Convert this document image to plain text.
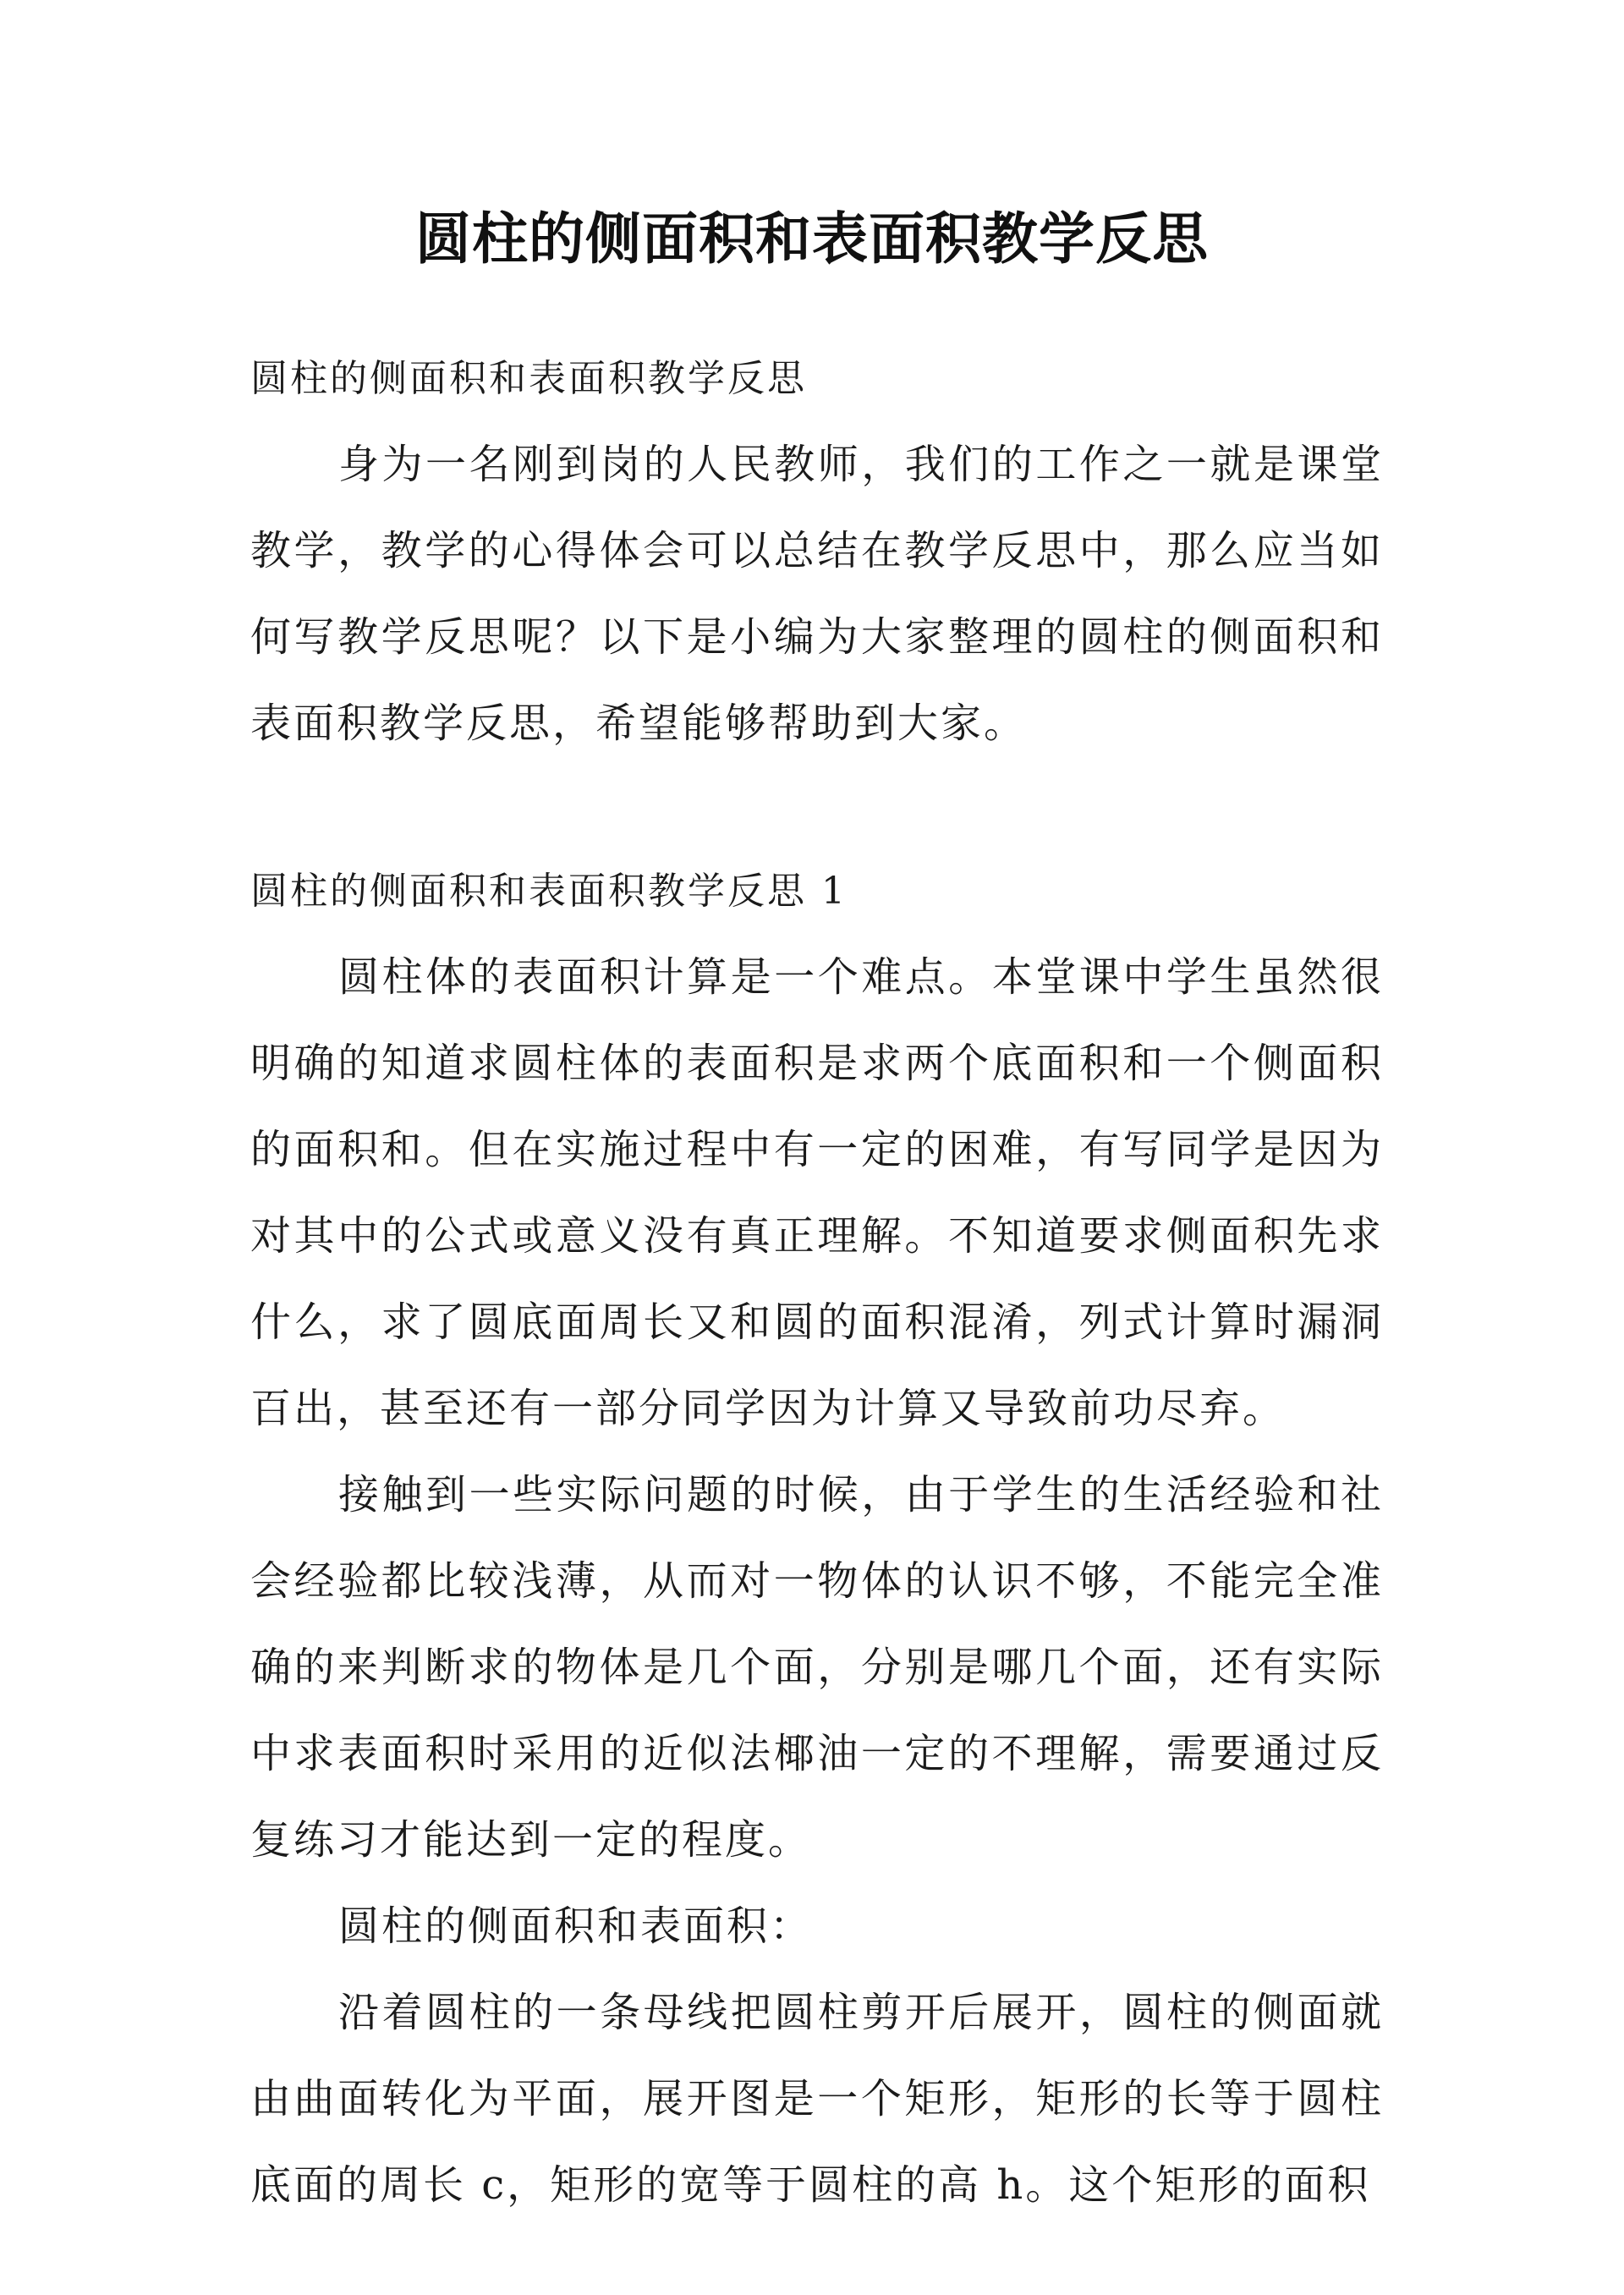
圆柱的侧面积和表面积教学反思

圆柱的侧面积和表面积教学反思

身为一名刚到岗的人民教师，我们的工作之一就是课堂教学，教学的心得体会可以总结在教学反思中，那么应当如何写教学反思呢？以下是小编为大家整理的圆柱的侧面积和表面积教学反思，希望能够帮助到大家。

圆柱的侧面积和表面积教学反思 1

圆柱体的表面积计算是一个难点。本堂课中学生虽然很明确的知道求圆柱体的表面积是求两个底面积和一个侧面积的面积和。但在实施过程中有一定的困难，有写同学是因为对其中的公式或意义没有真正理解。不知道要求侧面积先求什么，求了圆底面周长又和圆的面积混淆，列式计算时漏洞百出，甚至还有一部分同学因为计算又导致前功尽弃。

接触到一些实际问题的时候，由于学生的生活经验和社会经验都比较浅薄，从而对一物体的认识不够，不能完全准确的来判断求的物体是几个面，分别是哪几个面，还有实际中求表面积时采用的近似法椰油一定的不理解，需要通过反复练习才能达到一定的程度。

圆柱的侧面积和表面积：

沿着圆柱的一条母线把圆柱剪开后展开，圆柱的侧面就由曲面转化为平面，展开图是一个矩形，矩形的长等于圆柱底面的周长 c，矩形的宽等于圆柱的高 h。这个矩形的面积
